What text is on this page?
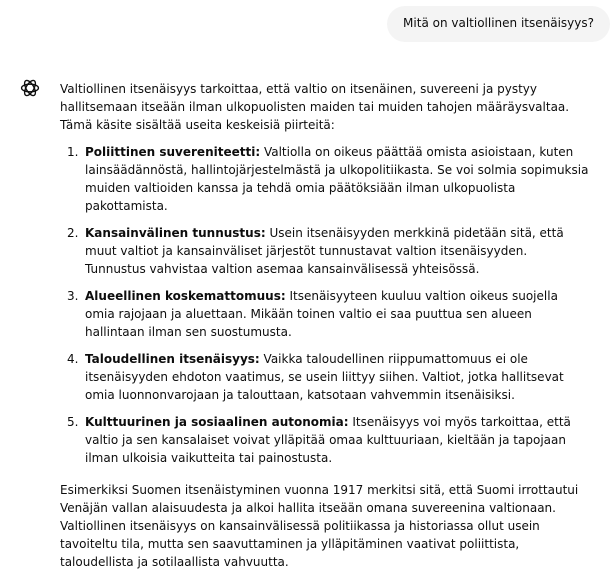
Mitä on valtiollinen itsenäisyys?

Valtiollinen itsenäisyys tarkoittaa, että valtio on itsenäinen, suvereeni ja pystyy hallitsemaan itseään ilman ulkopuolisten maiden tai muiden tahojen määräysvaltaa. Tämä käsite sisältää useita keskeisiä piirteitä:

1. Poliittinen suvereniteetti: Valtiolla on oikeus päättää omista asioistaan, kuten lainsäädännöstä, hallintojärjestelmästä ja ulkopolitiikasta. Se voi solmia sopimuksia muiden valtioiden kanssa ja tehdä omia päätöksiään ilman ulkopuolista pakottamista.
2. Kansainvälinen tunnustus: Usein itsenäisyyden merkkinä pidetään sitä, että muut valtiot ja kansainväliset järjestöt tunnustavat valtion itsenäisyyden. Tunnustus vahvistaa valtion asemaa kansainvälisessä yhteisössä.
3. Alueellinen koskemattomuus: Itsenäisyyteen kuuluu valtion oikeus suojella omia rajojaan ja aluettaan. Mikään toinen valtio ei saa puuttua sen alueen hallintaan ilman sen suostumusta.
4. Taloudellinen itsenäisyys: Vaikka taloudellinen riippumattomuus ei ole itsenäisyyden ehdoton vaatimus, se usein liittyy siihen. Valtiot, jotka hallitsevat omia luonnonvarojaan ja talouttaan, katsotaan vahvemmin itsenäisiksi.
5. Kulttuurinen ja sosiaalinen autonomia: Itsenäisyys voi myös tarkoittaa, että valtio ja sen kansalaiset voivat ylläpitää omaa kulttuuriaan, kieltään ja tapojaan ilman ulkoisia vaikutteita tai painostusta.

Esimerkiksi Suomen itsenäistyminen vuonna 1917 merkitsi sitä, että Suomi irrottautui Venäjän vallan alaisuudesta ja alkoi hallita itseään omana suvereenina valtionaan. Valtiollinen itsenäisyys on kansainvälisessä politiikassa ja historiassa ollut usein tavoiteltu tila, mutta sen saavuttaminen ja ylläpitäminen vaativat poliittista, taloudellista ja sotilaallista vahvuutta.
